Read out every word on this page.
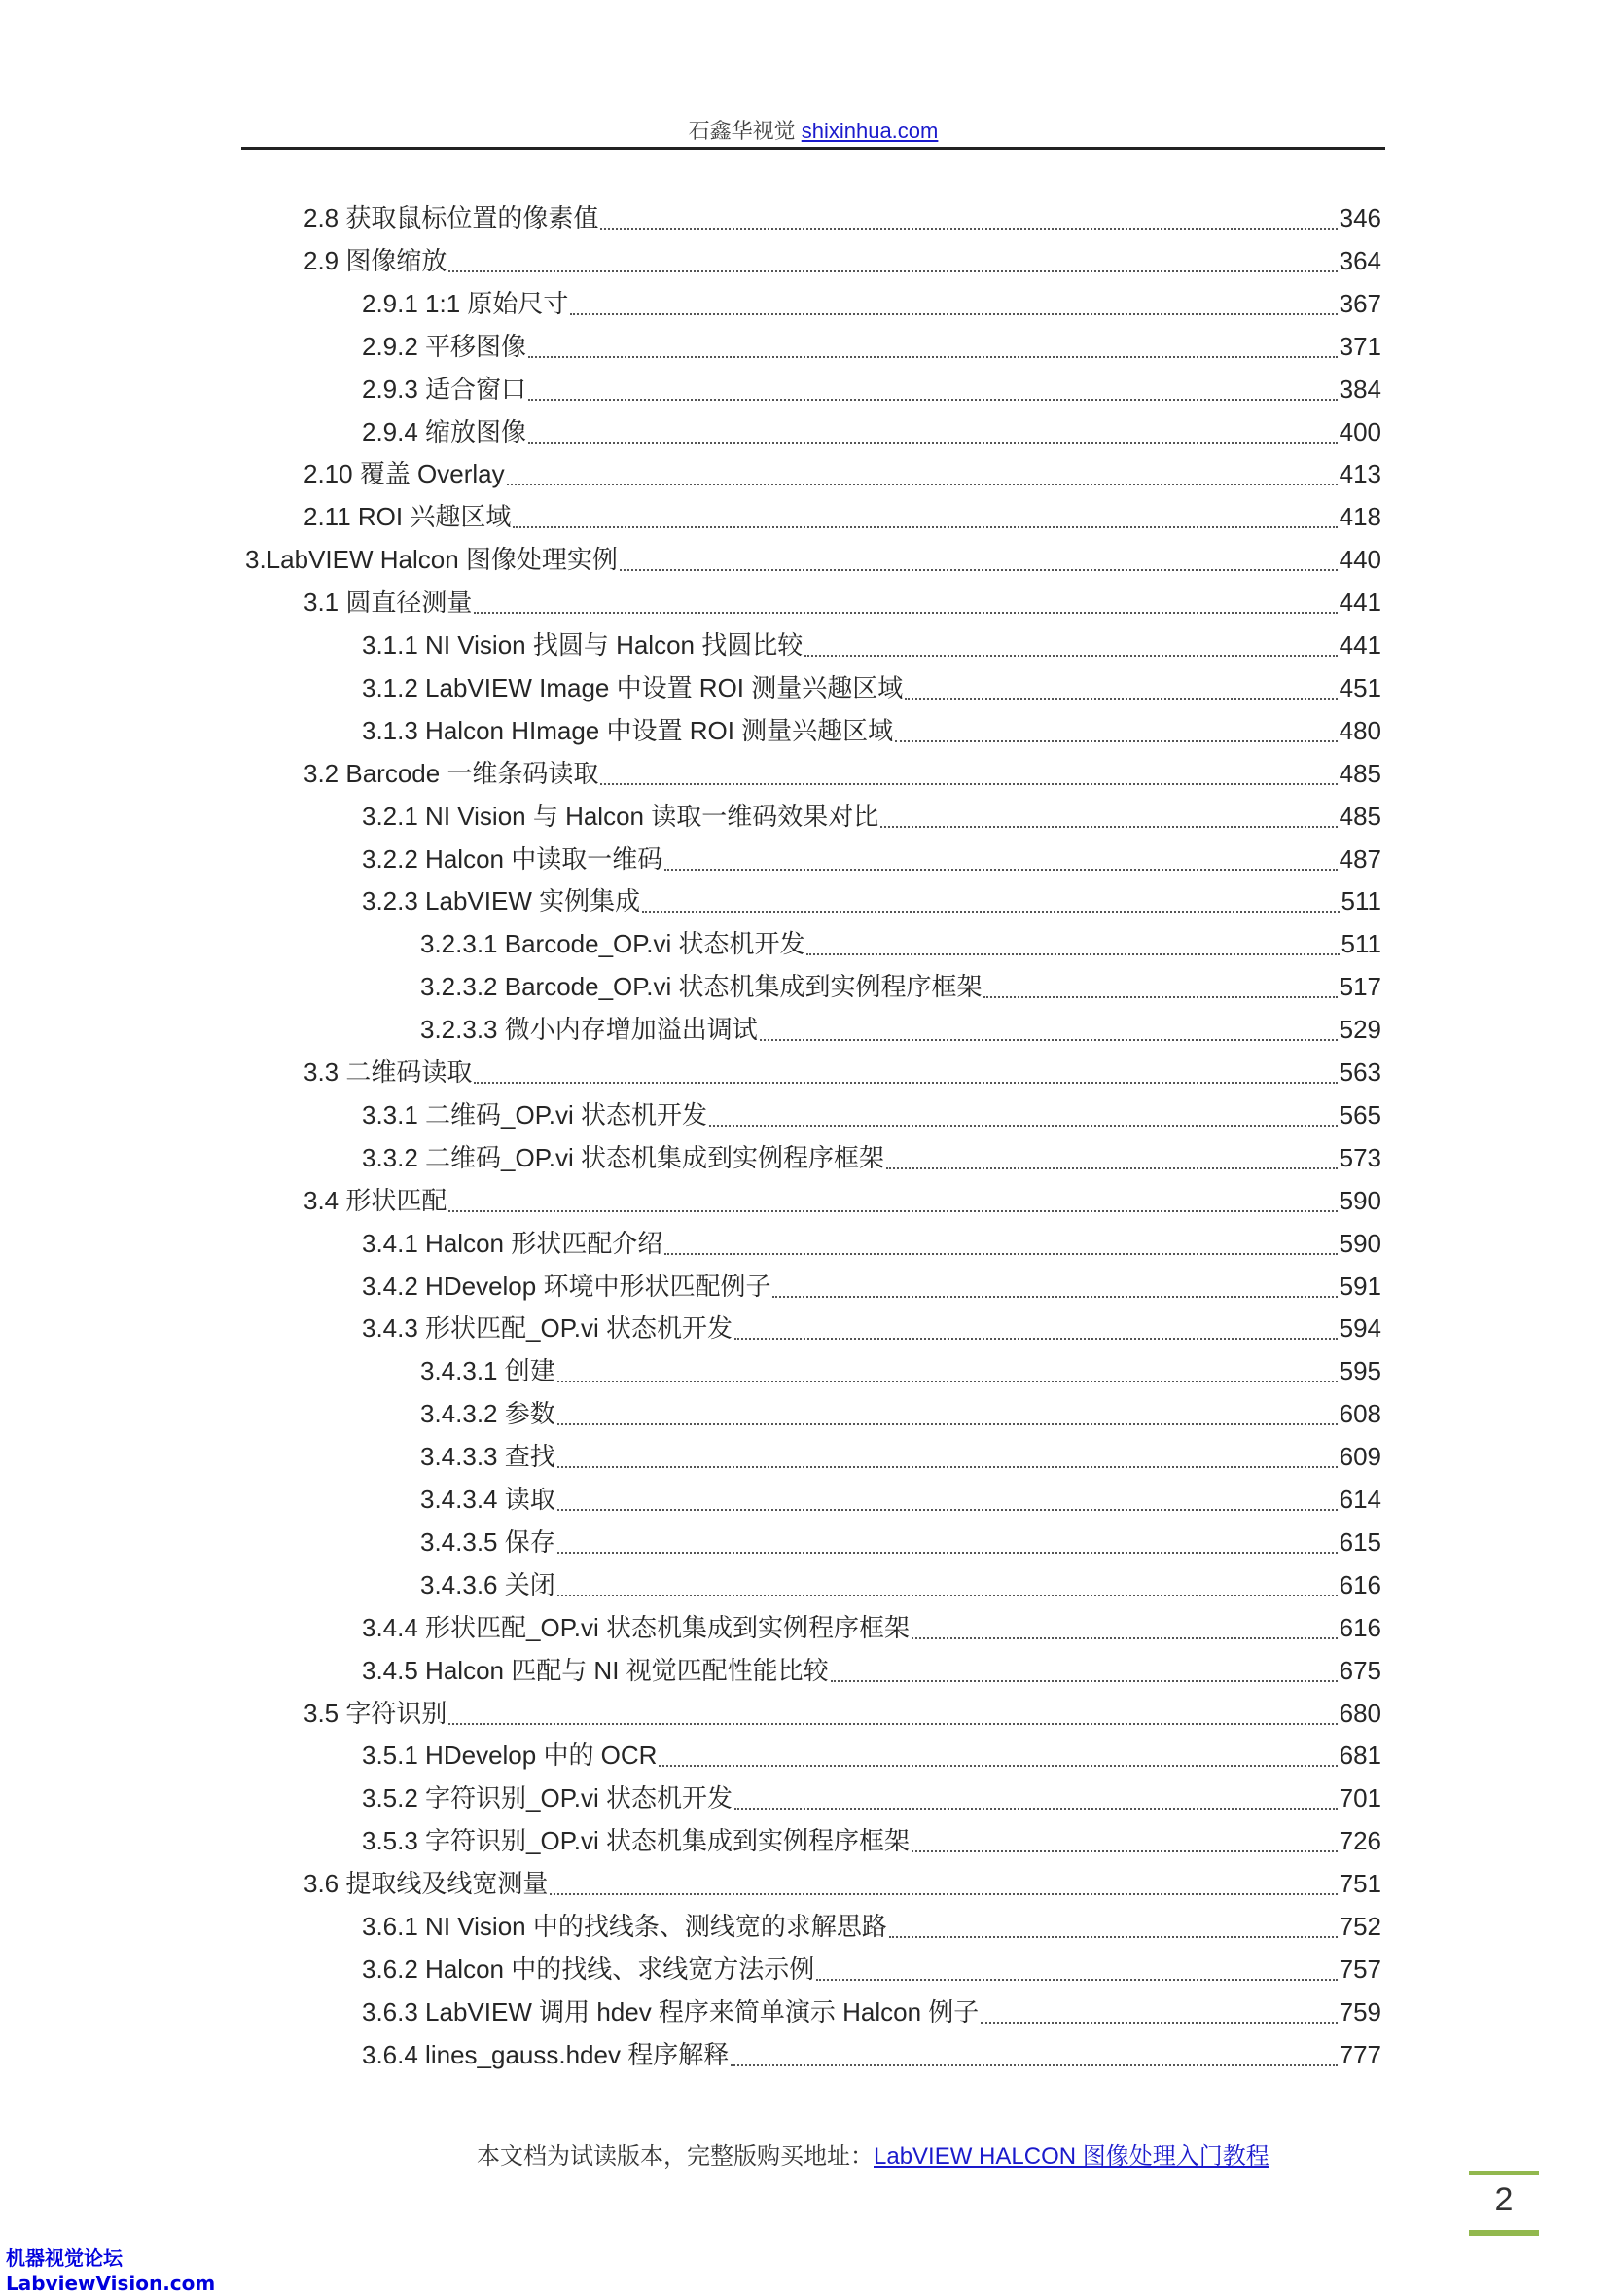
石鑫华视觉 shixinhua.com
2.8 获取鼠标位置的像素值	346
2.9 图像缩放	364
2.9.1 1:1 原始尺寸	367
2.9.2 平移图像	371
2.9.3 适合窗口	384
2.9.4 缩放图像	400
2.10 覆盖 Overlay	413
2.11 ROI 兴趣区域	418
3.LabVIEW Halcon 图像处理实例	440
3.1 圆直径测量	441
3.1.1 NI Vision 找圆与 Halcon 找圆比较	441
3.1.2 LabVIEW Image 中设置 ROI 测量兴趣区域	451
3.1.3 Halcon HImage 中设置 ROI 测量兴趣区域	480
3.2 Barcode 一维条码读取	485
3.2.1 NI Vision 与 Halcon 读取一维码效果对比	485
3.2.2 Halcon 中读取一维码	487
3.2.3 LabVIEW 实例集成	511
3.2.3.1 Barcode_OP.vi 状态机开发	511
3.2.3.2 Barcode_OP.vi 状态机集成到实例程序框架	517
3.2.3.3 微小内存增加溢出调试	529
3.3 二维码读取	563
3.3.1 二维码_OP.vi 状态机开发	565
3.3.2 二维码_OP.vi 状态机集成到实例程序框架	573
3.4 形状匹配	590
3.4.1 Halcon 形状匹配介绍	590
3.4.2 HDevelop 环境中形状匹配例子	591
3.4.3 形状匹配_OP.vi 状态机开发	594
3.4.3.1 创建	595
3.4.3.2 参数	608
3.4.3.3 查找	609
3.4.3.4 读取	614
3.4.3.5 保存	615
3.4.3.6 关闭	616
3.4.4 形状匹配_OP.vi 状态机集成到实例程序框架	616
3.4.5 Halcon 匹配与 NI 视觉匹配性能比较	675
3.5 字符识别	680
3.5.1 HDevelop 中的 OCR	681
3.5.2 字符识别_OP.vi 状态机开发	701
3.5.3 字符识别_OP.vi 状态机集成到实例程序框架	726
3.6 提取线及线宽测量	751
3.6.1 NI Vision 中的找线条、测线宽的求解思路	752
3.6.2 Halcon 中的找线、求线宽方法示例	757
3.6.3 LabVIEW 调用 hdev 程序来简单演示 Halcon 例子	759
3.6.4 lines_gauss.hdev 程序解释	777
本文档为试读版本，完整版购买地址：LabVIEW HALCON 图像处理入门教程
2
机器视觉论坛
LabviewVision.com
